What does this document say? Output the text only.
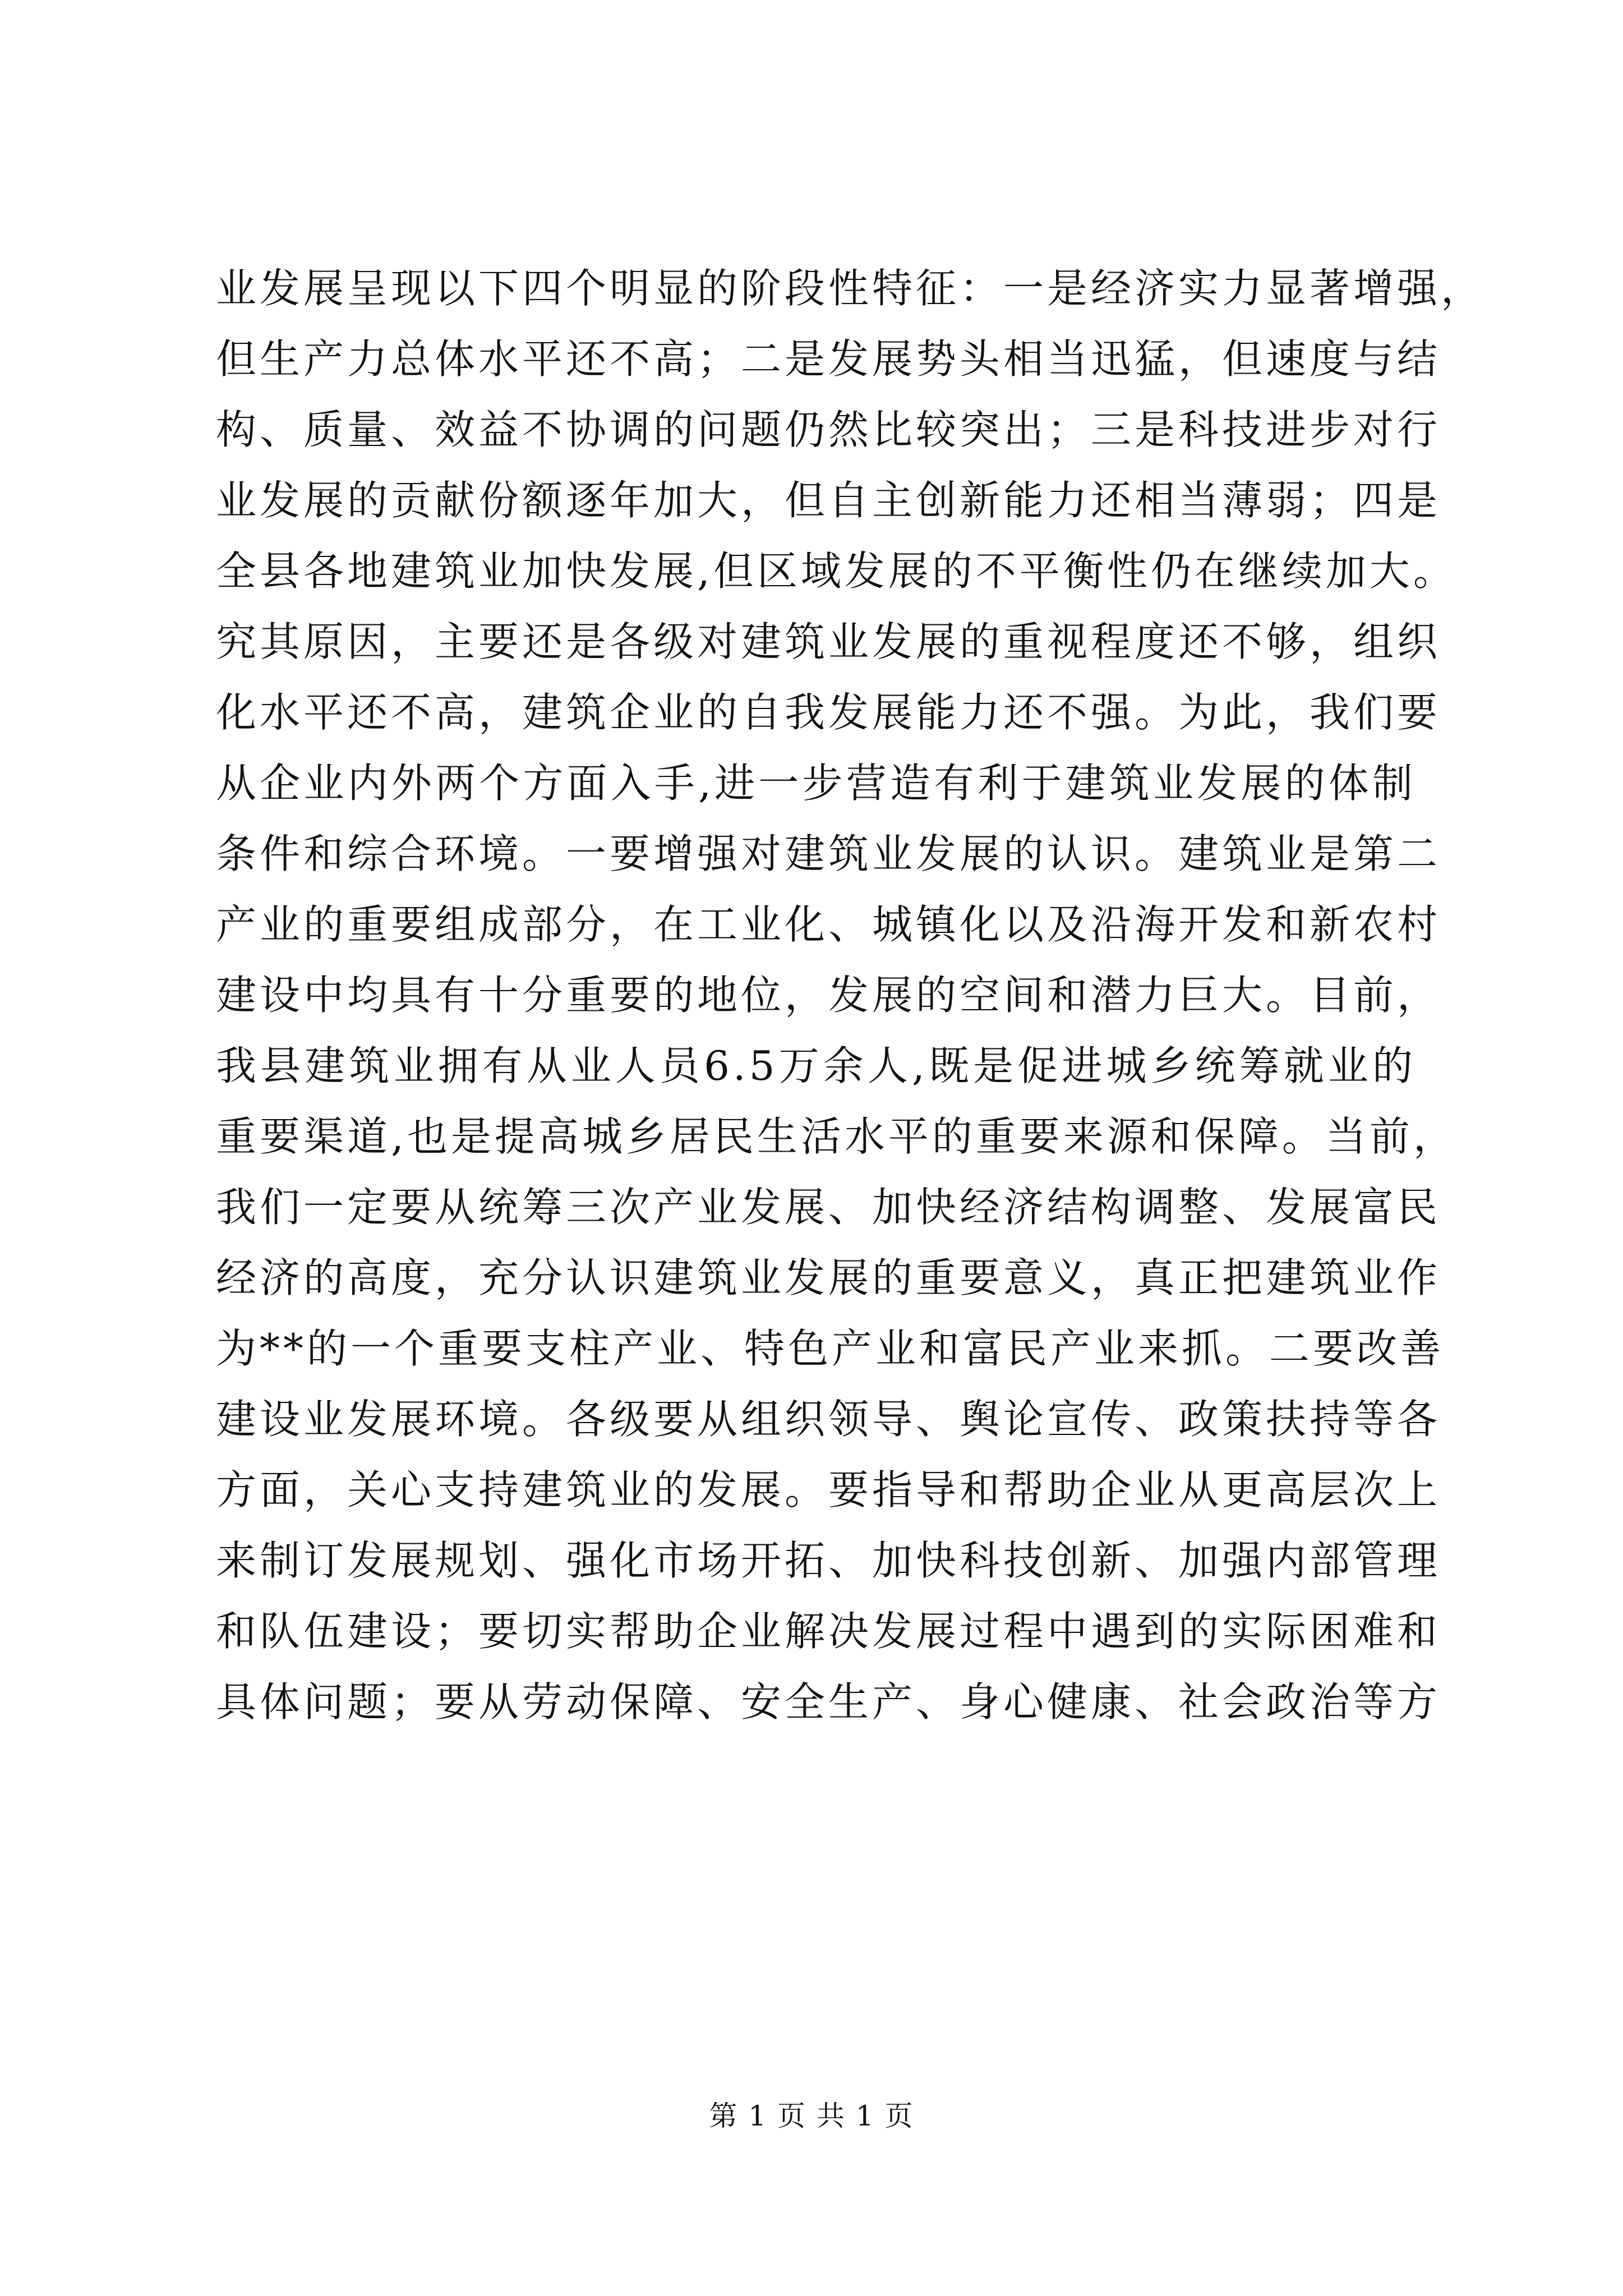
业发展呈现以下四个明显的阶段性特征：一是经济实力显著增强，
但生产力总体水平还不高；二是发展势头相当迅猛，但速度与结
构、质量、效益不协调的问题仍然比较突出；三是科技进步对行
业发展的贡献份额逐年加大，但自主创新能力还相当薄弱；四是
全县各地建筑业加快发展,但区域发展的不平衡性仍在继续加大。
究其原因，主要还是各级对建筑业发展的重视程度还不够，组织
化水平还不高，建筑企业的自我发展能力还不强。为此，我们要
从企业内外两个方面入手,进一步营造有利于建筑业发展的体制
条件和综合环境。一要增强对建筑业发展的认识。建筑业是第二
产业的重要组成部分，在工业化、城镇化以及沿海开发和新农村
建设中均具有十分重要的地位，发展的空间和潜力巨大。目前，
我县建筑业拥有从业人员6.5万余人,既是促进城乡统筹就业的
重要渠道,也是提高城乡居民生活水平的重要来源和保障。当前，
我们一定要从统筹三次产业发展、加快经济结构调整、发展富民
经济的高度，充分认识建筑业发展的重要意义，真正把建筑业作
为**的一个重要支柱产业、特色产业和富民产业来抓。二要改善
建设业发展环境。各级要从组织领导、舆论宣传、政策扶持等各
方面，关心支持建筑业的发展。要指导和帮助企业从更高层次上
来制订发展规划、强化市场开拓、加快科技创新、加强内部管理
和队伍建设；要切实帮助企业解决发展过程中遇到的实际困难和
具体问题；要从劳动保障、安全生产、身心健康、社会政治等方
第 1 页 共 1 页
